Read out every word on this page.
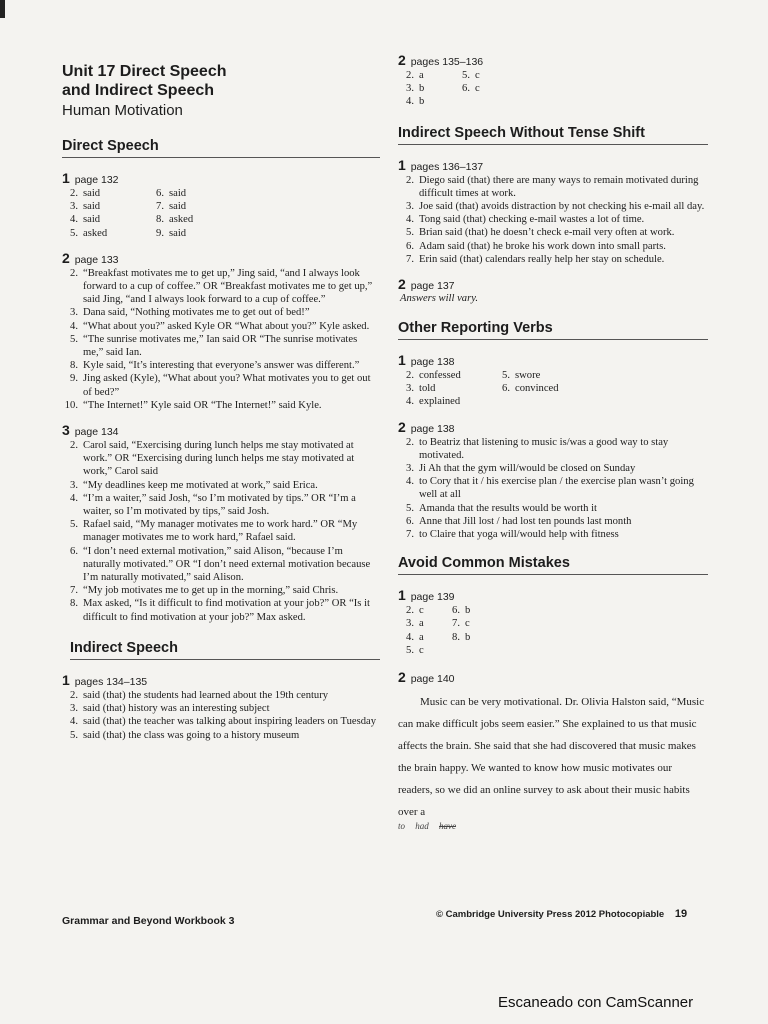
Unit 17 Direct Speech
and Indirect Speech
Human Motivation
Direct Speech
1 page 132
2. said
3. said
4. said
5. asked
6. said
7. said
8. asked
9. said
2 page 133
2. “Breakfast motivates me to get up,” Jing said, “and I always look forward to a cup of coffee.” OR “Breakfast motivates me to get up,” said Jing, “and I always look forward to a cup of coffee.”
3. Dana said, “Nothing motivates me to get out of bed!”
4. “What about you?” asked Kyle OR “What about you?” Kyle asked.
5. “The sunrise motivates me,” Ian said OR “The sunrise motivates me,” said Ian.
8. Kyle said, “It’s interesting that everyone’s answer was different.”
9. Jing asked (Kyle), “What about you? What motivates you to get out of bed?”
10. “The Internet!” Kyle said OR “The Internet!” said Kyle.
3 page 134
2. Carol said, “Exercising during lunch helps me stay motivated at work.” OR “Exercising during lunch helps me stay motivated at work,” Carol said
3. “My deadlines keep me motivated at work,” said Erica.
4. “I’m a waiter,” said Josh, “so I’m motivated by tips.” OR “I’m a waiter, so I’m motivated by tips,” said Josh.
5. Rafael said, “My manager motivates me to work hard.” OR “My manager motivates me to work hard,” Rafael said.
6. “I don’t need external motivation,” said Alison, “because I’m naturally motivated.” OR “I don’t need external motivation because I’m naturally motivated,” said Alison.
7. “My job motivates me to get up in the morning,” said Chris.
8. Max asked, “Is it difficult to find motivation at your job?” OR “Is it difficult to find motivation at your job?” Max asked.
Indirect Speech
1 pages 134–135
2. said (that) the students had learned about the 19th century
3. said (that) history was an interesting subject
4. said (that) the teacher was talking about inspiring leaders on Tuesday
5. said (that) the class was going to a history museum
2 pages 135–136
2. a
3. b
4. b
5. c
6. c
Indirect Speech Without Tense Shift
1 pages 136–137
2. Diego said (that) there are many ways to remain motivated during difficult times at work.
3. Joe said (that) avoids distraction by not checking his e-mail all day.
4. Tong said (that) checking e-mail wastes a lot of time.
5. Brian said (that) he doesn’t check e-mail very often at work.
6. Adam said (that) he broke his work down into small parts.
7. Erin said (that) calendars really help her stay on schedule.
2 page 137
Answers will vary.
Other Reporting Verbs
1 page 138
2. confessed
3. told
4. explained
5. swore
6. convinced
2 page 138
2. to Beatriz that listening to music is/was a good way to stay motivated.
3. Ji Ah that the gym will/would be closed on Sunday
4. to Cory that it / his exercise plan / the exercise plan wasn’t going well at all
5. Amanda that the results would be worth it
6. Anne that Jill lost / had lost ten pounds last month
7. to Claire that yoga will/would help with fitness
Avoid Common Mistakes
1 page 139
2. c
3. a
4. a
5. c
6. b
7. c
8. b
2 page 140
Music can be very motivational. Dr. Olivia Halston said, “Music can make difficult jobs seem easier.” She explained to us that music affects the brain. She said that she had discovered that music makes the brain happy. We wanted to know how music motivates our readers, so we did an online survey to ask about their music habits over a
to had have
Grammar and Beyond Workbook 3
© Cambridge University Press 2012 Photocopiable 19
Escaneado con CamScanner
